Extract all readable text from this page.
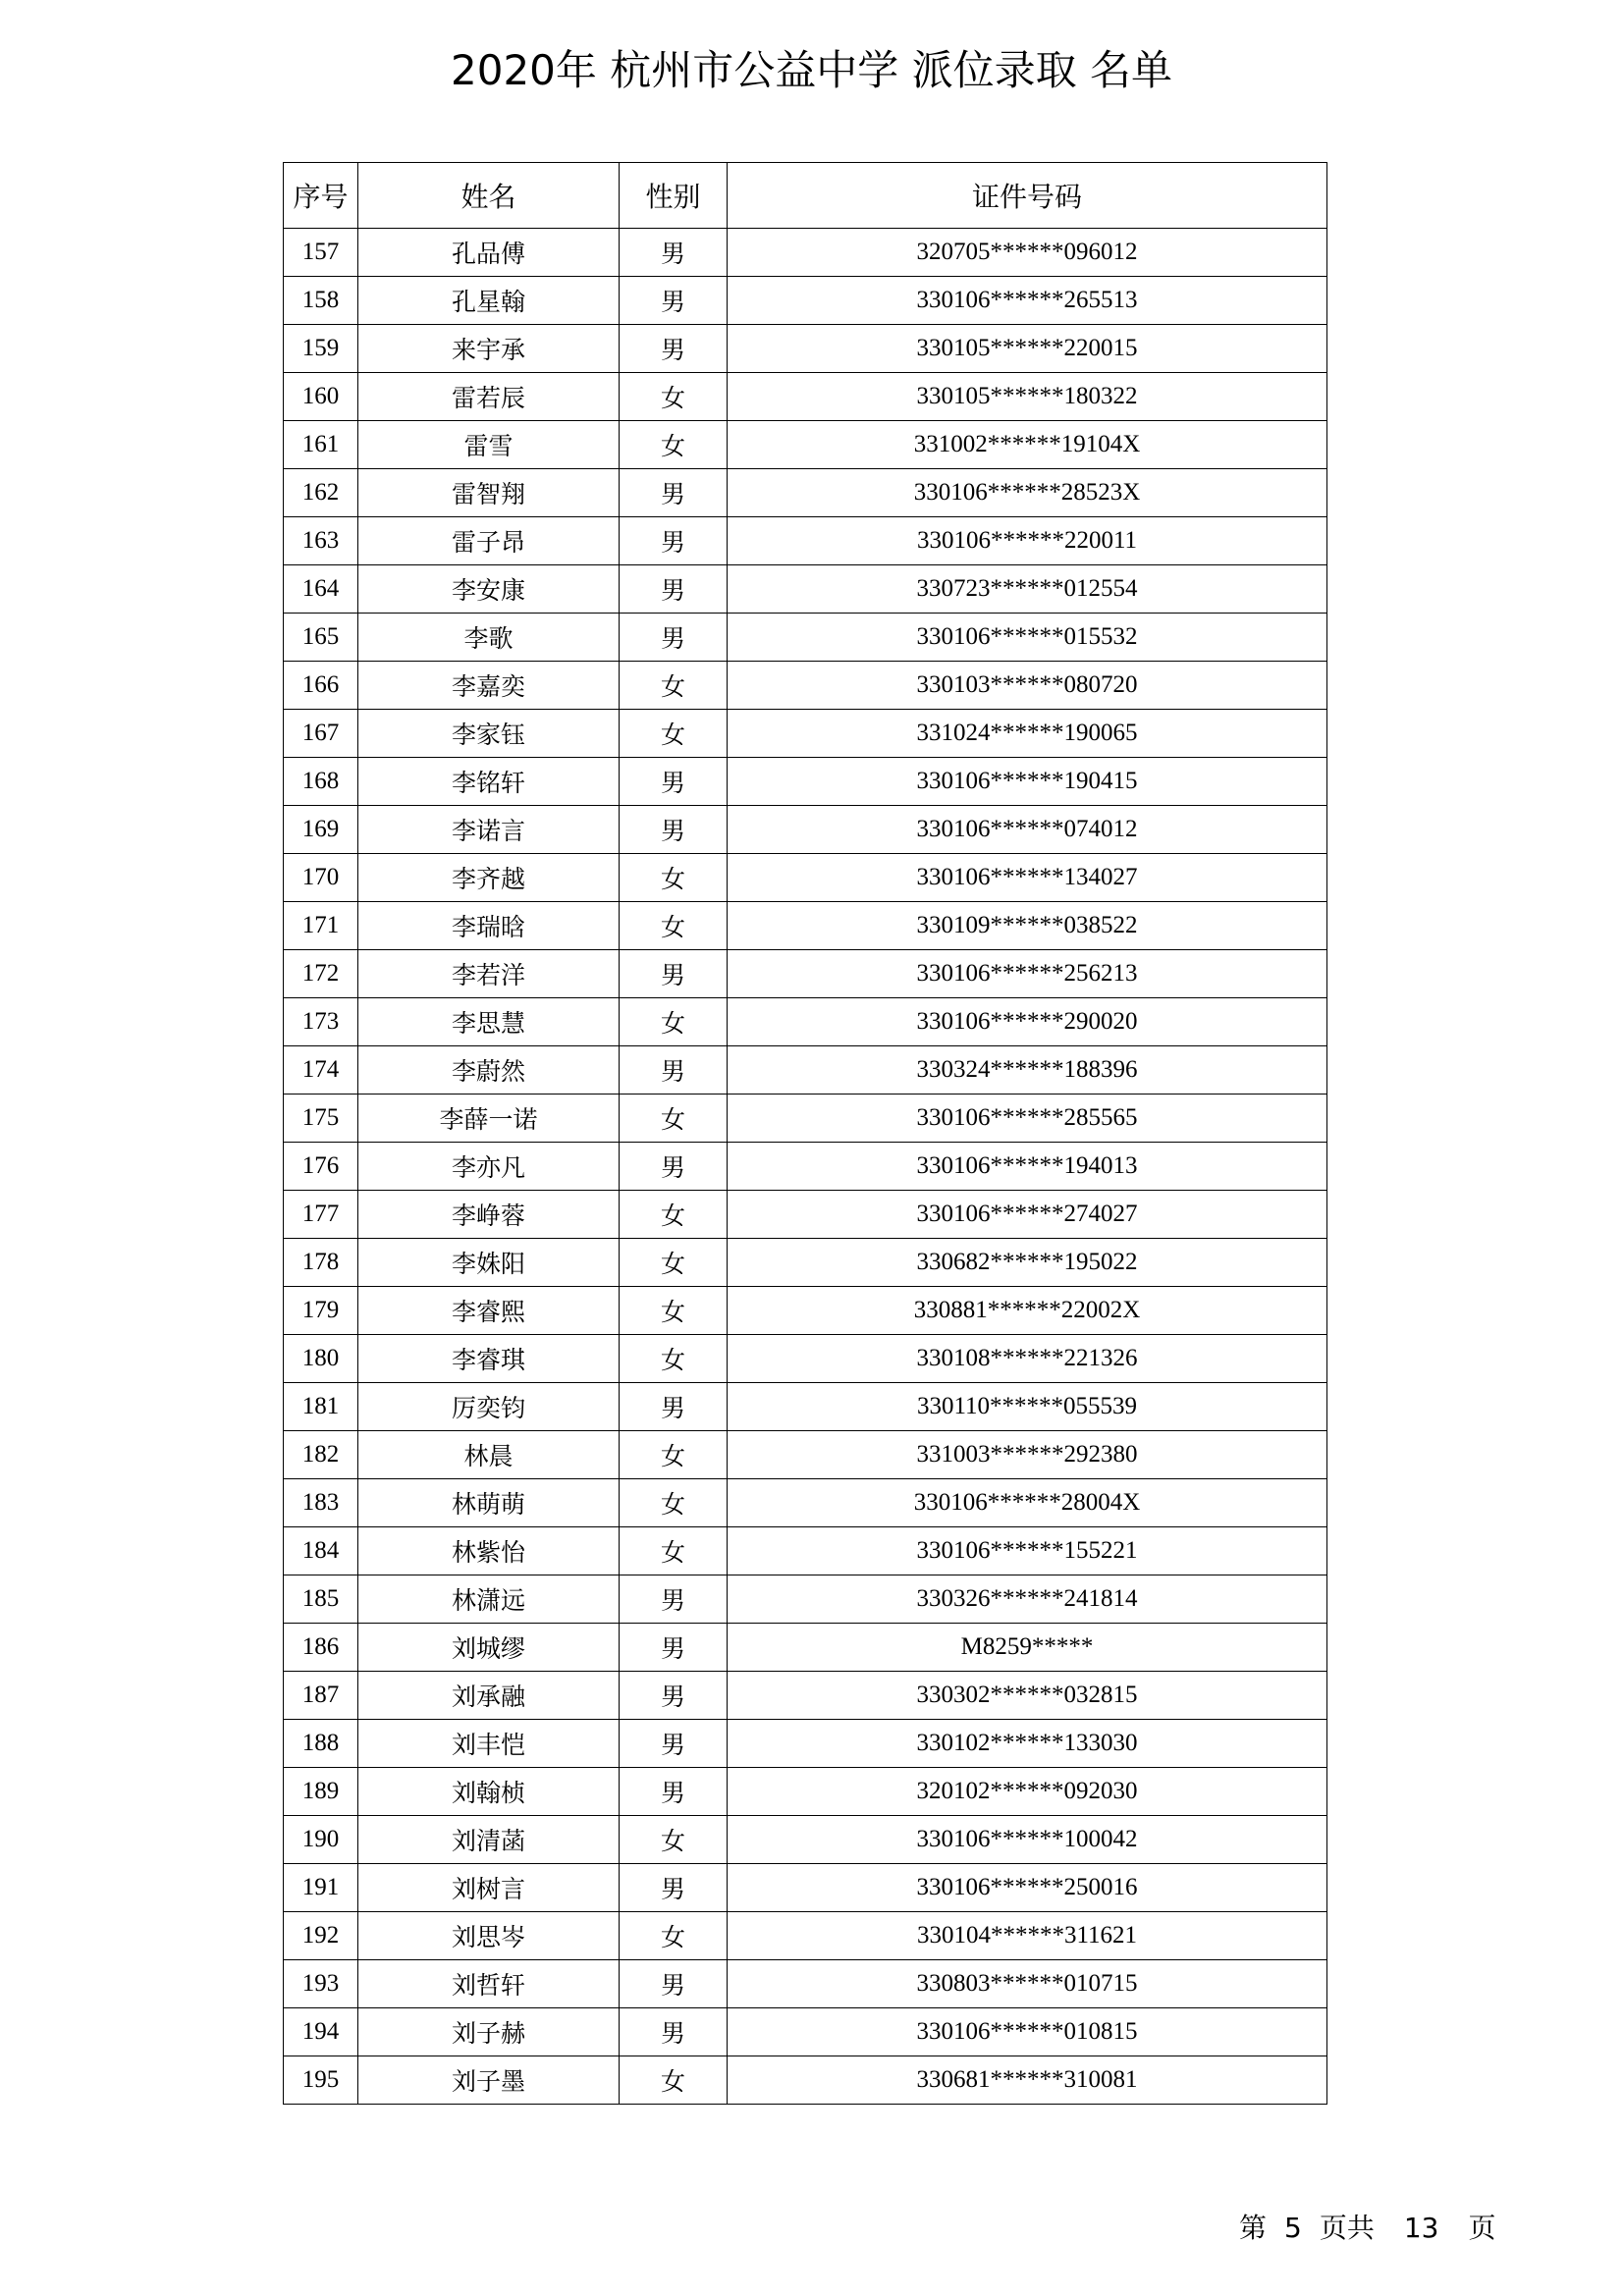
2020年 杭州市公益中学 派位录取 名单
序号	姓名	性别	证件号码
157	孔品傅	男	320705******096012
158	孔星翰	男	330106******265513
159	来宇承	男	330105******220015
160	雷若辰	女	330105******180322
161	雷雪	女	331002******19104X
162	雷智翔	男	330106******28523X
163	雷子昂	男	330106******220011
164	李安康	男	330723******012554
165	李歌	男	330106******015532
166	李嘉奕	女	330103******080720
167	李家钰	女	331024******190065
168	李铭轩	男	330106******190415
169	李诺言	男	330106******074012
170	李齐越	女	330106******134027
171	李瑞晗	女	330109******038522
172	李若洋	男	330106******256213
173	李思慧	女	330106******290020
174	李蔚然	男	330324******188396
175	李薛一诺	女	330106******285565
176	李亦凡	男	330106******194013
177	李峥蓉	女	330106******274027
178	李姝阳	女	330682******195022
179	李睿熙	女	330881******22002X
180	李睿琪	女	330108******221326
181	厉奕钧	男	330110******055539
182	林晨	女	331003******292380
183	林萌萌	女	330106******28004X
184	林紫怡	女	330106******155221
185	林潇远	男	330326******241814
186	刘城缪	男	M8259*****
187	刘承融	男	330302******032815
188	刘丰恺	男	330102******133030
189	刘翰桢	男	320102******092030
190	刘清菡	女	330106******100042
191	刘树言	男	330106******250016
192	刘思岑	女	330104******311621
193	刘哲轩	男	330803******010715
194	刘子赫	男	330106******010815
195	刘子墨	女	330681******310081
第 5 页共 13 页
